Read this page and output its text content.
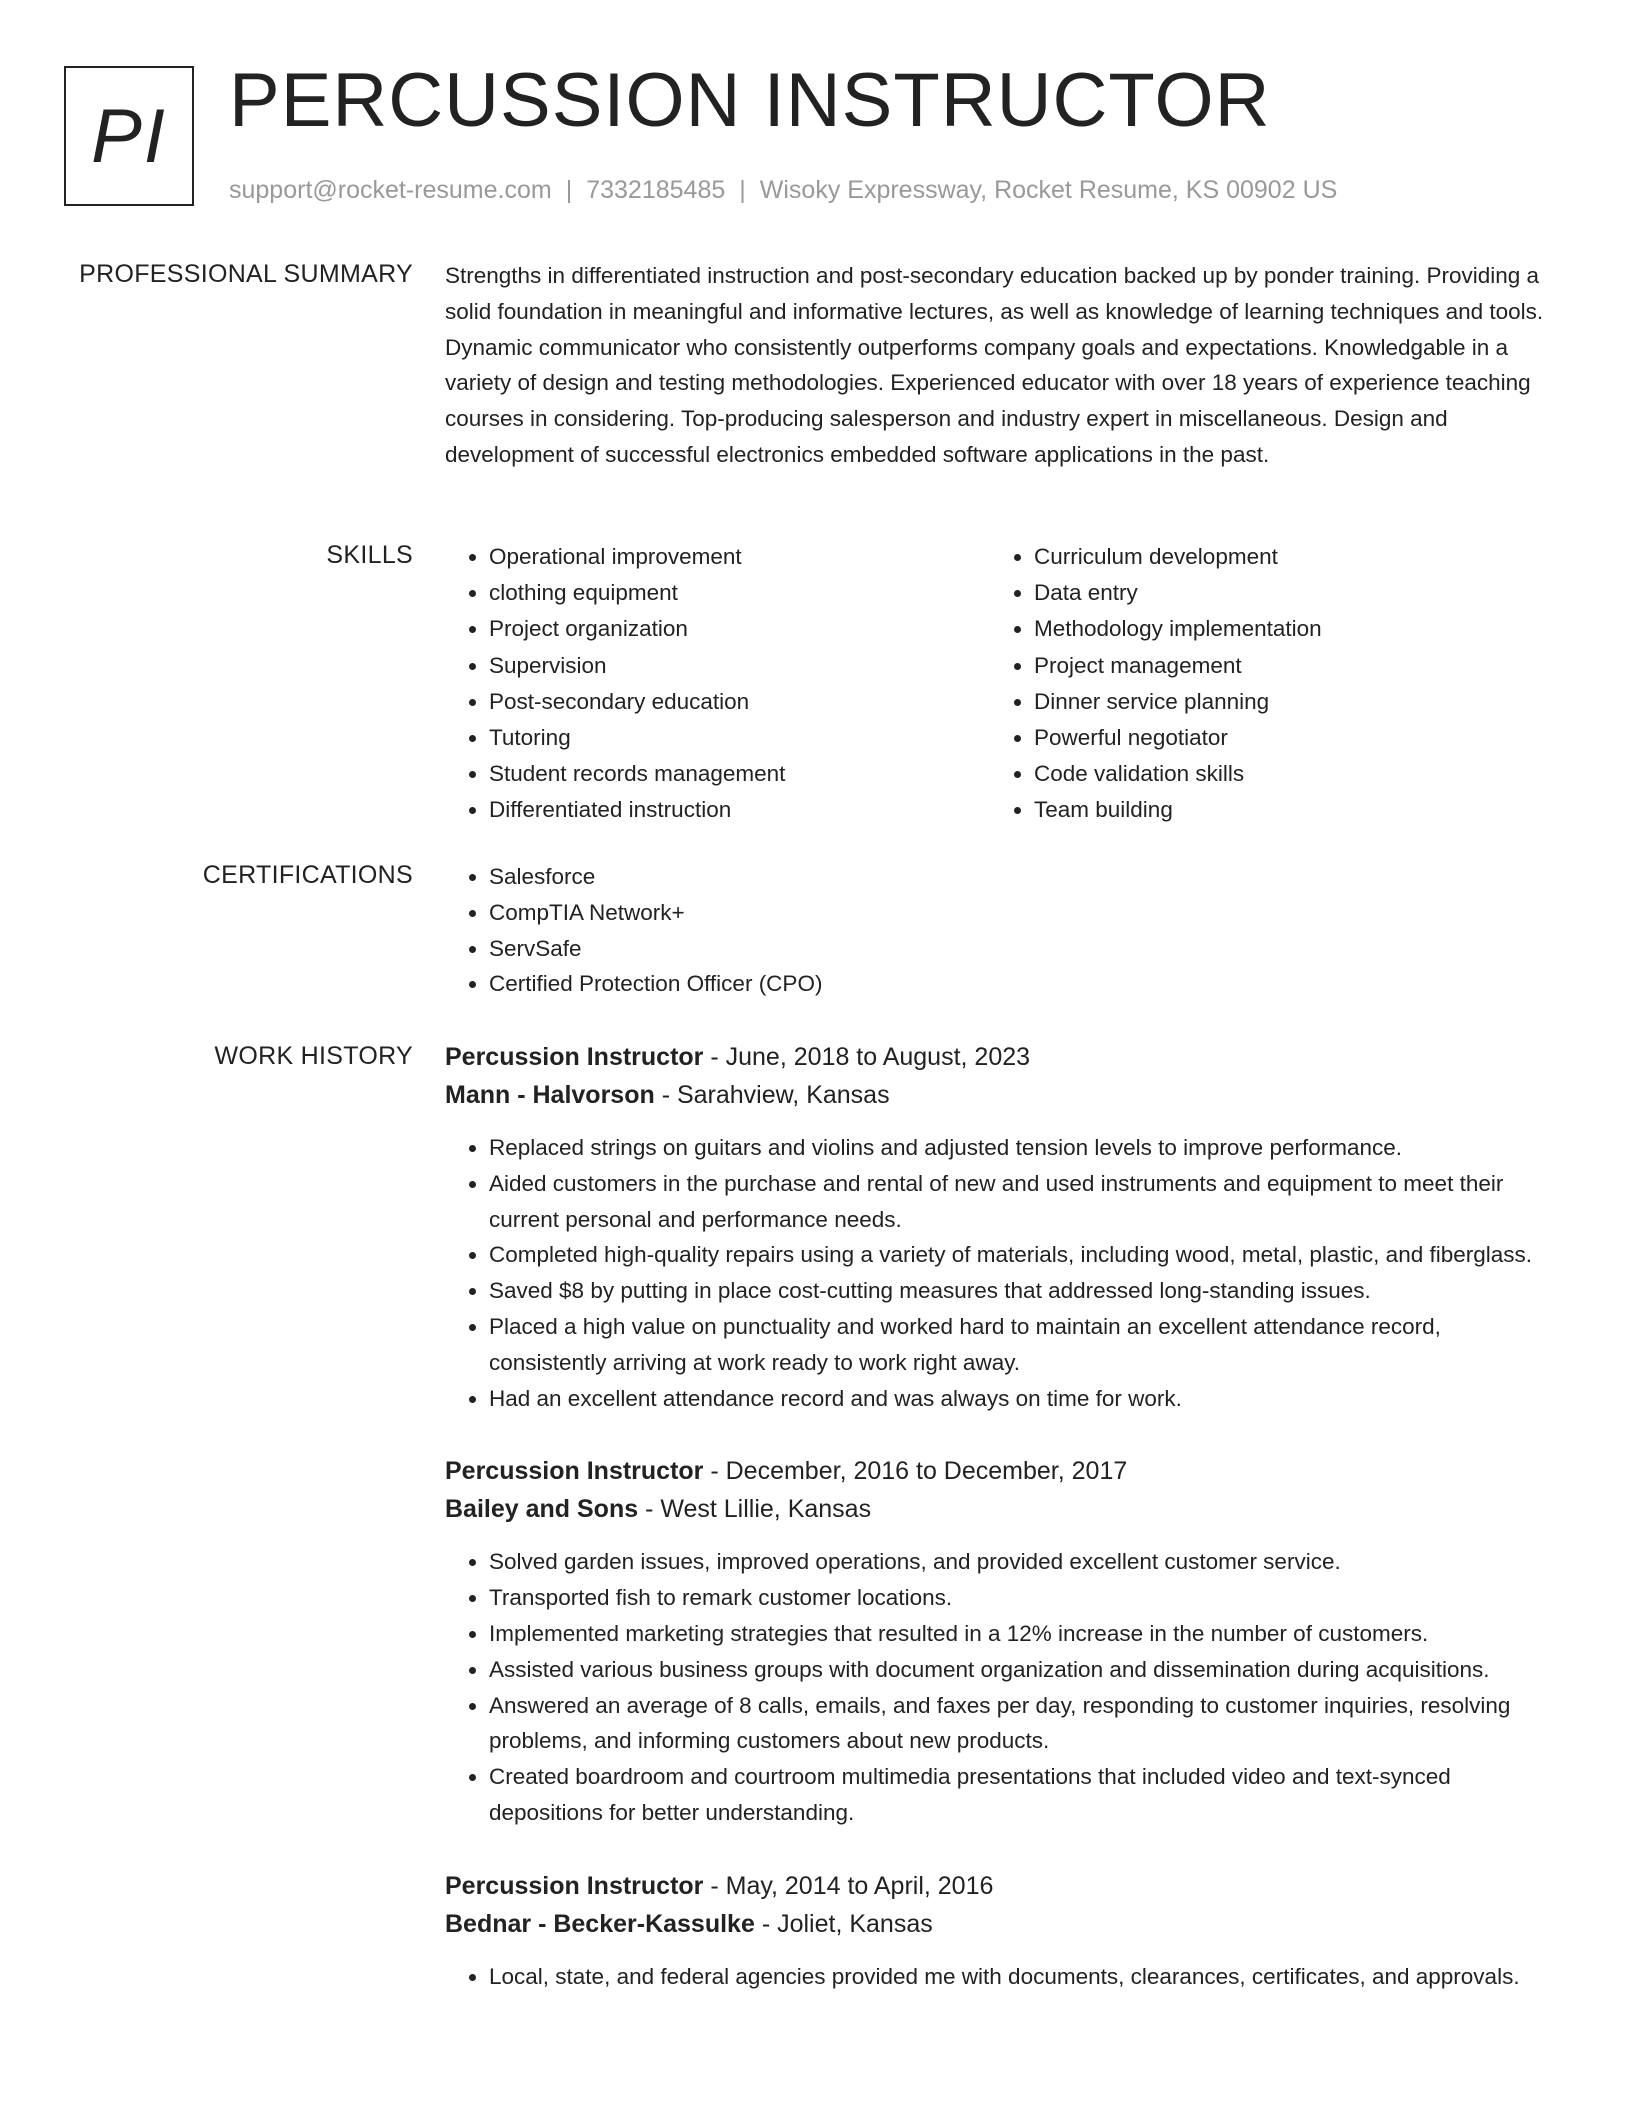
PI PERCUSSION INSTRUCTOR
support@rocket-resume.com | 7332185485 | Wisoky Expressway, Rocket Resume, KS 00902 US
PROFESSIONAL SUMMARY Strengths in differentiated instruction and post-secondary education backed up by ponder training. Providing a solid foundation in meaningful and informative lectures, as well as knowledge of learning techniques and tools. Dynamic communicator who consistently outperforms company goals and expectations. Knowledgable in a variety of design and testing methodologies. Experienced educator with over 18 years of experience teaching courses in considering. Top-producing salesperson and industry expert in miscellaneous. Design and development of successful electronics embedded software applications in the past.

SKILLS	• Operational improvement
• clothing equipment
• Project organization
• Supervision
• Post-secondary education
• Tutoring
• Student records management
• Differentiated instruction
• Curriculum development
• Data entry
• Methodology implementation
• Project management
• Dinner service planning
• Powerful negotiator
• Code validation skills
• Team building
CERTIFICATIONS	• Salesforce
• CompTIA Network+
• ServSafe
• Certified Protection Officer (CPO)
WORK HISTORY Percussion Instructor - June, 2018 to August, 2023
Mann - Halvorson - Sarahview, Kansas
• Replaced strings on guitars and violins and adjusted tension levels to improve performance.
• Aided customers in the purchase and rental of new and used instruments and equipment to meet their current personal and performance needs.
• Completed high-quality repairs using a variety of materials, including wood, metal, plastic, and fiberglass.
• Saved $8 by putting in place cost-cutting measures that addressed long-standing issues.
• Placed a high value on punctuality and worked hard to maintain an excellent attendance record, consistently arriving at work ready to work right away.
• Had an excellent attendance record and was always on time for work.
Percussion Instructor - December, 2016 to December, 2017
Bailey and Sons - West Lillie, Kansas
• Solved garden issues, improved operations, and provided excellent customer service.
• Transported fish to remark customer locations.
• Implemented marketing strategies that resulted in a 12% increase in the number of customers.
• Assisted various business groups with document organization and dissemination during acquisitions.
• Answered an average of 8 calls, emails, and faxes per day, responding to customer inquiries, resolving problems, and informing customers about new products.
• Created boardroom and courtroom multimedia presentations that included video and text-synced depositions for better understanding.
Percussion Instructor - May, 2014 to April, 2016
Bednar - Becker-Kassulke - Joliet, Kansas
• Local, state, and federal agencies provided me with documents, clearances, certificates, and approvals.
